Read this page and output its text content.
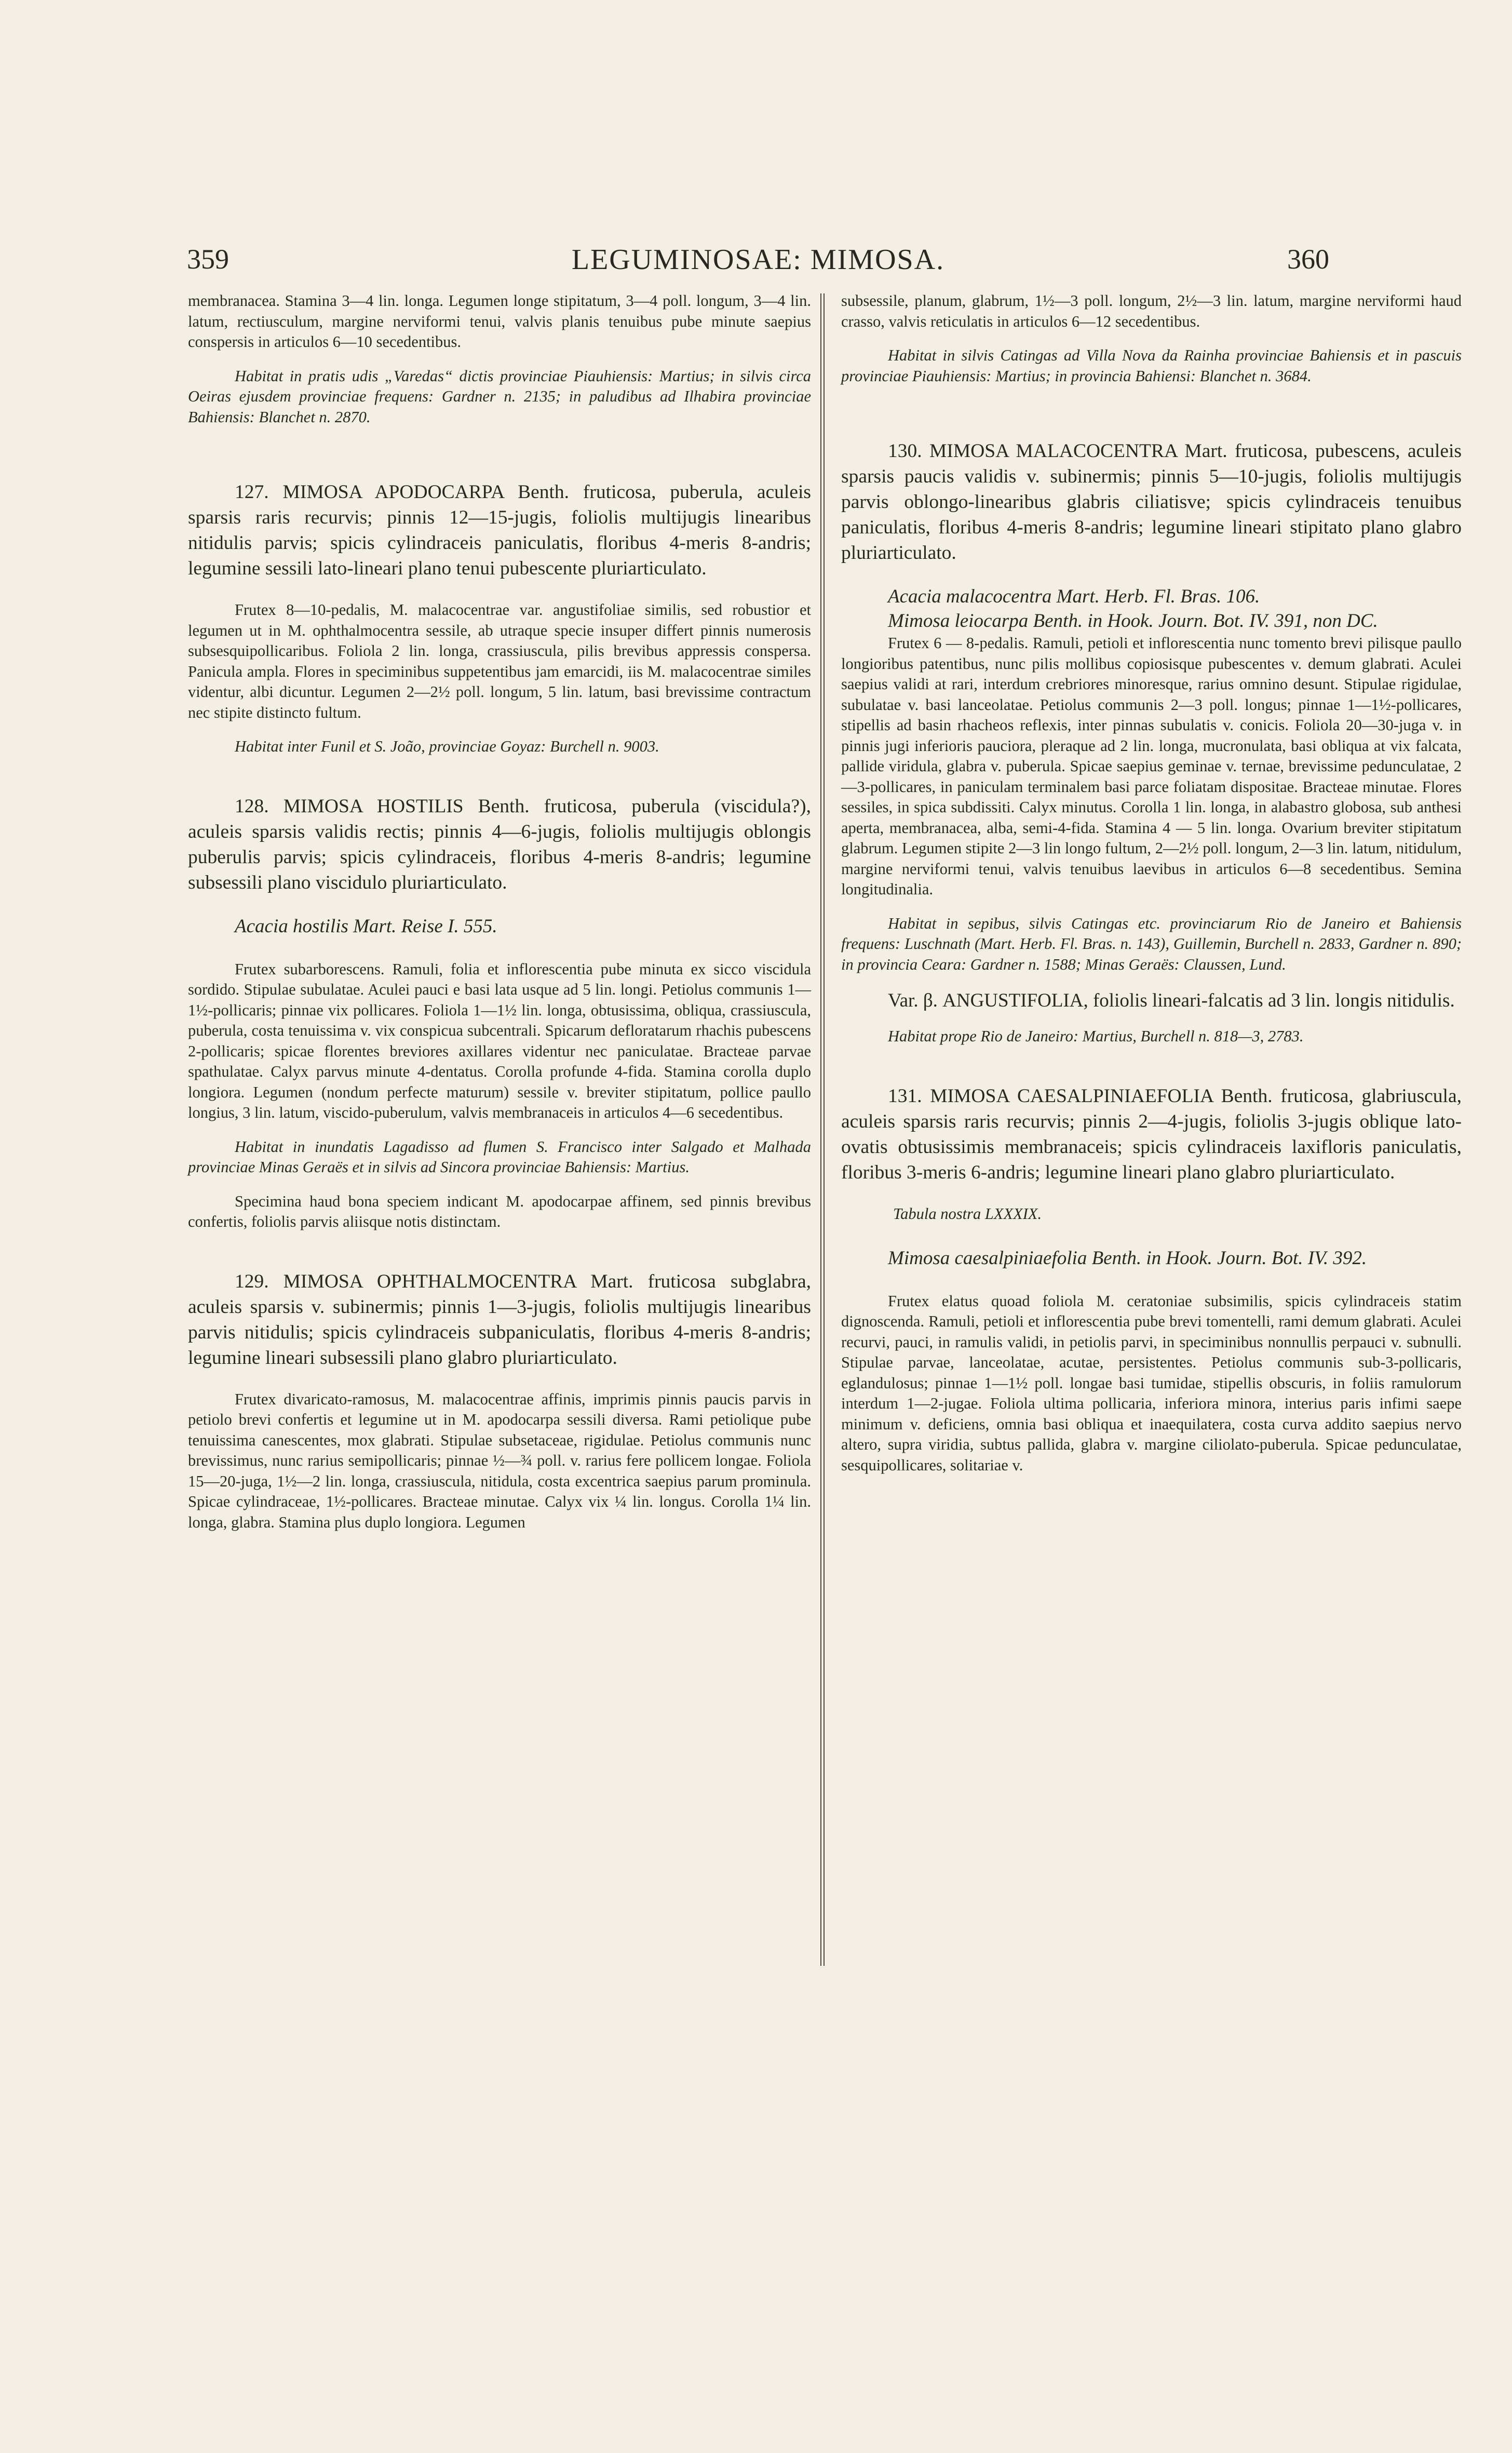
359	LEGUMINOSAE: MIMOSA.	360

membranacea. Stamina 3—4 lin. longa. Legumen longe stipitatum, 3—4 poll. longum, 3—4 lin. latum, rectiusculum, margine nerviformi tenui, valvis planis tenuibus pube minute saepius conspersis in articulos 6—10 secedentibus.

Habitat in pratis udis „Varedas“ dictis provinciae Piauhiensis: Martius; in silvis circa Oeiras ejusdem provinciae frequens: Gardner n. 2135; in paludibus ad Ilhabira provinciae Bahiensis: Blanchet n. 2870.

127. MIMOSA APODOCARPA Benth. fruticosa, puberula, aculeis sparsis raris recurvis; pinnis 12—15-jugis, foliolis multijugis linearibus nitidulis parvis; spicis cylindraceis paniculatis, floribus 4-meris 8-andris; legumine sessili lato-lineari plano tenui pubescente pluriarticulato.

Frutex 8—10-pedalis, M. malacocentrae var. angustifoliae similis, sed robustior et legumen ut in M. ophthalmocentra sessile, ab utraque specie insuper differt pinnis numerosis subsesquipollicaribus. Foliola 2 lin. longa, crassiuscula, pilis brevibus appressis conspersa. Panicula ampla. Flores in speciminibus suppetentibus jam emarcidi, iis M. malacocentrae similes videntur, albi dicuntur. Legumen 2—2½ poll. longum, 5 lin. latum, basi brevissime contractum nec stipite distincto fultum.

Habitat inter Funil et S. João, provinciae Goyaz: Burchell n. 9003.

128. MIMOSA HOSTILIS Benth. fruticosa, puberula (viscidula?), aculeis sparsis validis rectis; pinnis 4—6-jugis, foliolis multijugis oblongis puberulis parvis; spicis cylindraceis, floribus 4-meris 8-andris; legumine subsessili plano viscidulo pluriarticulato.

Acacia hostilis Mart. Reise I. 555.

Frutex subarborescens. Ramuli, folia et inflorescentia pube minuta ex sicco viscidula sordido. Stipulae subulatae. Aculei pauci e basi lata usque ad 5 lin. longi. Petiolus communis 1—1½-pollicaris; pinnae vix pollicares. Foliola 1—1½ lin. longa, obtusissima, obliqua, crassiuscula, puberula, costa tenuissima v. vix conspicua subcentrali. Spicarum defloratarum rhachis pubescens 2-pollicaris; spicae florentes breviores axillares videntur nec paniculatae. Bracteae parvae spathulatae. Calyx parvus minute 4-dentatus. Corolla profunde 4-fida. Stamina corolla duplo longiora. Legumen (nondum perfecte maturum) sessile v. breviter stipitatum, pollice paullo longius, 3 lin. latum, viscido-puberulum, valvis membranaceis in articulos 4—6 secedentibus.

Habitat in inundatis Lagadisso ad flumen S. Francisco inter Salgado et Malhada provinciae Minas Geraës et in silvis ad Sincora provinciae Bahiensis: Martius.

Specimina haud bona speciem indicant M. apodocarpae affinem, sed pinnis brevibus confertis, foliolis parvis aliisque notis distinctam.

129. MIMOSA OPHTHALMOCENTRA Mart. fruticosa subglabra, aculeis sparsis v. subinermis; pinnis 1—3-jugis, foliolis multijugis linearibus parvis nitidulis; spicis cylindraceis subpaniculatis, floribus 4-meris 8-andris; legumine lineari subsessili plano glabro pluriarticulato.

Frutex divaricato-ramosus, M. malacocentrae affinis, imprimis pinnis paucis parvis in petiolo brevi confertis et legumine ut in M. apodocarpa sessili diversa. Rami petiolique pube tenuissima canescentes, mox glabrati. Stipulae subsetaceae, rigidulae. Petiolus communis nunc brevissimus, nunc rarius semipollicaris; pinnae ½—¾ poll. v. rarius fere pollicem longae. Foliola 15—20-juga, 1½—2 lin. longa, crassiuscula, nitidula, costa excentrica saepius parum prominula. Spicae cylindraceae, 1½-pollicares. Bracteae minutae. Calyx vix ¼ lin. longus. Corolla 1¼ lin. longa, glabra. Stamina plus duplo longiora. Legumen

subsessile, planum, glabrum, 1½—3 poll. longum, 2½—3 lin. latum, margine nerviformi haud crasso, valvis reticulatis in articulos 6—12 secedentibus.

Habitat in silvis Catingas ad Villa Nova da Rainha provinciae Bahiensis et in pascuis provinciae Piauhiensis: Martius; in provincia Bahiensi: Blanchet n. 3684.

130. MIMOSA MALACOCENTRA Mart. fruticosa, pubescens, aculeis sparsis paucis validis v. subinermis; pinnis 5—10-jugis, foliolis multijugis parvis oblongo-linearibus glabris ciliatisve; spicis cylindraceis tenuibus paniculatis, floribus 4-meris 8-andris; legumine lineari stipitato plano glabro pluriarticulato.

Acacia malacocentra Mart. Herb. Fl. Bras. 106.

Mimosa leiocarpa Benth. in Hook. Journ. Bot. IV. 391, non DC.

Frutex 6 — 8-pedalis. Ramuli, petioli et inflorescentia nunc tomento brevi pilisque paullo longioribus patentibus, nunc pilis mollibus copiosisque pubescentes v. demum glabrati. Aculei saepius validi at rari, interdum crebriores minoresque, rarius omnino desunt. Stipulae rigidulae, subulatae v. basi lanceolatae. Petiolus communis 2—3 poll. longus; pinnae 1—1½-pollicares, stipellis ad basin rhacheos reflexis, inter pinnas subulatis v. conicis. Foliola 20—30-juga v. in pinnis jugi inferioris pauciora, pleraque ad 2 lin. longa, mucronulata, basi obliqua at vix falcata, pallide viridula, glabra v. puberula. Spicae saepius geminae v. ternae, brevissime pedunculatae, 2—3-pollicares, in paniculam terminalem basi parce foliatam dispositae. Bracteae minutae. Flores sessiles, in spica subdissiti. Calyx minutus. Corolla 1 lin. longa, in alabastro globosa, sub anthesi aperta, membranacea, alba, semi-4-fida. Stamina 4 — 5 lin. longa. Ovarium breviter stipitatum glabrum. Legumen stipite 2—3 lin longo fultum, 2—2½ poll. longum, 2—3 lin. latum, nitidulum, margine nerviformi tenui, valvis tenuibus laevibus in articulos 6—8 secedentibus. Semina longitudinalia.

Habitat in sepibus, silvis Catingas etc. provinciarum Rio de Janeiro et Bahiensis frequens: Luschnath (Mart. Herb. Fl. Bras. n. 143), Guillemin, Burchell n. 2833, Gardner n. 890; in provincia Ceara: Gardner n. 1588; Minas Geraës: Claussen, Lund.

Var. β. ANGUSTIFOLIA, foliolis lineari-falcatis ad 3 lin. longis nitidulis.

Habitat prope Rio de Janeiro: Martius, Burchell n. 818—3, 2783.

131. MIMOSA CAESALPINIAEFOLIA Benth. fruticosa, glabriuscula, aculeis sparsis raris recurvis; pinnis 2—4-jugis, foliolis 3-jugis oblique lato-ovatis obtusissimis membranaceis; spicis cylindraceis laxifloris paniculatis, floribus 3-meris 6-andris; legumine lineari plano glabro pluriarticulato.

Tabula nostra LXXXIX.

Mimosa caesalpiniaefolia Benth. in Hook. Journ. Bot. IV. 392.

Frutex elatus quoad foliola M. ceratoniae subsimilis, spicis cylindraceis statim dignoscenda. Ramuli, petioli et inflorescentia pube brevi tomentelli, rami demum glabrati. Aculei recurvi, pauci, in ramulis validi, in petiolis parvi, in speciminibus nonnullis perpauci v. subnulli. Stipulae parvae, lanceolatae, acutae, persistentes. Petiolus communis sub-3-pollicaris, eglandulosus; pinnae 1—1½ poll. longae basi tumidae, stipellis obscuris, in foliis ramulorum interdum 1—2-jugae. Foliola ultima pollicaria, inferiora minora, interius paris infimi saepe minimum v. deficiens, omnia basi obliqua et inaequilatera, costa curva addito saepius nervo altero, supra viridia, subtus pallida, glabra v. margine ciliolato-puberula. Spicae pedunculatae, sesquipollicares, solitariae v.
